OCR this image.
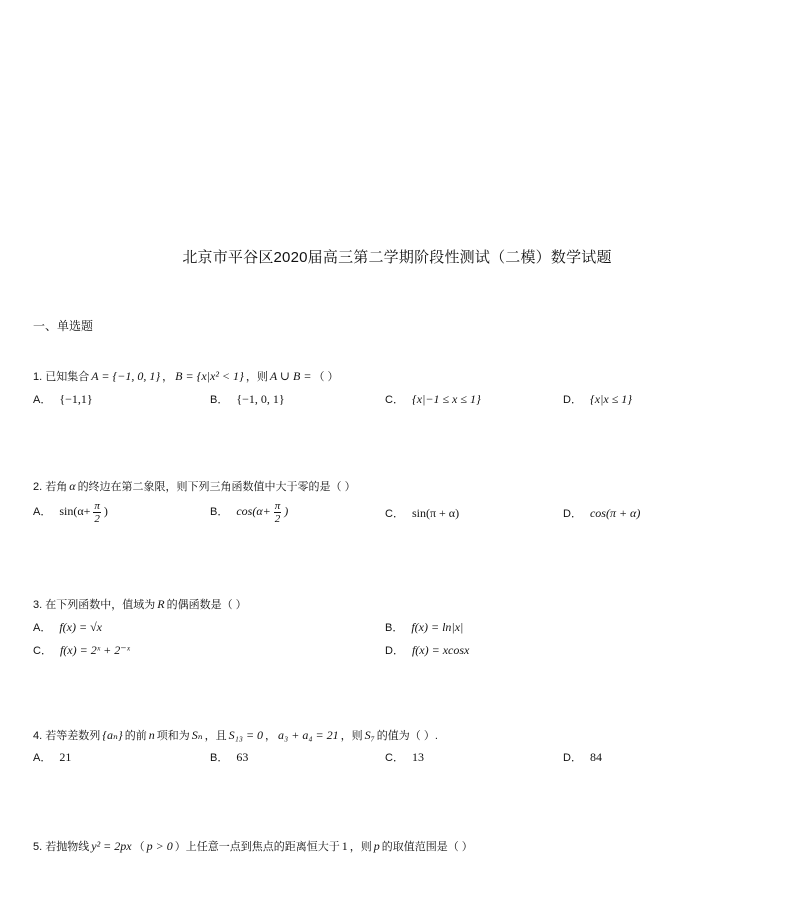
北京市平谷区2020届高三第二学期阶段性测试（二模）数学试题
一、单选题
1. 已知集合 A = {−1, 0, 1} ， B = {x|x² < 1} ，则 A ∪ B = （ ）
A． {−1,1}	B． {−1, 0, 1}	C． {x|−1 ≤ x ≤ 1}	D． {x|x ≤ 1}
2. 若角 α 的终边在第二象限，则下列三角函数值中大于零的是（ ）
A． $\sin(\alpha+ \frac{\pi}{2}$ )	B． $\cos(\alpha+ \frac{\pi}{2}$ )	C． sin(π + α)	D． cos(π + α)
3. 在下列函数中，值域为 R 的偶函数是（ ）
A． f(x) = √x	B． f(x) = ln|x|
C． f(x) = 2ˣ + 2⁻ˣ	D． f(x) = xcosx
4. 若等差数列 {aₙ} 的前 n 项和为 Sₙ ，且 S₁₃ = 0 ， a₃ + a₄ = 21 ，则 S₇ 的值为（ ）.
A． 21	B． 63	C． 13	D． 84
5. 若抛物线 y² = 2px （ p > 0 ）上任意一点到焦点的距离恒大于 1 ，则 p 的取值范围是（ ）
